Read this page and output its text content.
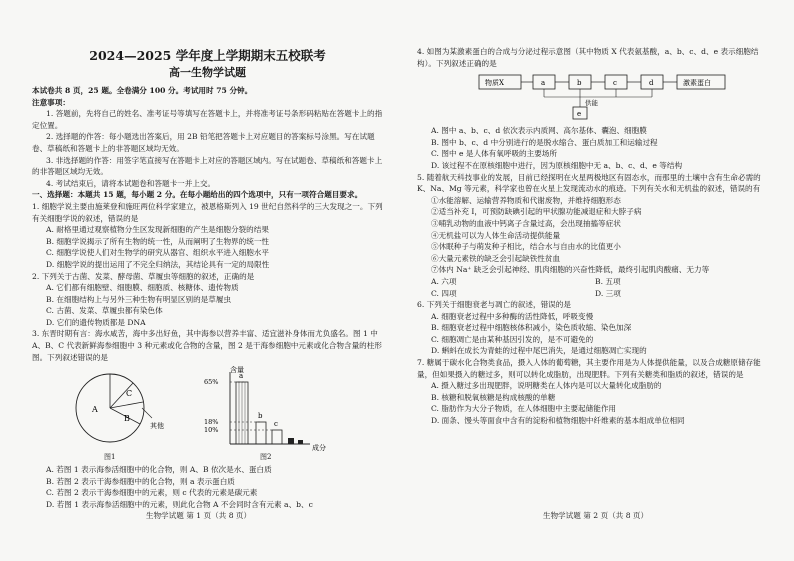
2024—2025 学年度上学期期末五校联考
高一生物学试题

本试卷共 8 页，25 题。全卷满分 100 分。考试用时 75 分钟。

注意事项：

1. 答题前，先将自己的姓名、准考证号等填写在答题卡上，并将准考证号条形码粘贴在答题卡上的指定位置。

2. 选择题的作答：每小题选出答案后，用 2B 铅笔把答题卡上对应题目的答案标号涂黑。写在试题卷、草稿纸和答题卡上的非答题区域均无效。

3. 非选择题的作答：用签字笔直接写在答题卡上对应的答题区域内。写在试题卷、草稿纸和答题卡上的非答题区域均无效。

4. 考试结束后，请将本试题卷和答题卡一并上交。

一、选择题：本题共 15 题，每小题 2 分。在每小题给出的四个选项中，只有一项符合题目要求。

1. 细胞学说主要由施莱登和施旺两位科学家建立，被恩格斯列入 19 世纪自然科学的三大发现之一。下列有关细胞学说的叙述，错误的是

A. 耐格里通过观察植物分生区发现新细胞的产生是细胞分裂的结果
B. 细胞学说揭示了所有生物的统一性，从而阐明了生物界的统一性
C. 细胞学说使人们对生物学的研究从器官、组织水平进入细胞水平
D. 细胞学说的提出运用了不完全归纳法，其结论具有一定的局限性

2. 下列关于古菌、发菜、酵母菌、草履虫等细胞的叙述，正确的是

A. 它们都有细胞壁、细胞膜、细胞质、核糖体、遗传物质
B. 在细胞结构上与另外三种生物有明显区别的是草履虫
C. 古菌、发菜、草履虫都有染色体
D. 它们的遗传物质都是 DNA

3. 东晋时期有言：海水咸苦，海中多出好鱼，其中海参以营养丰富、适宜滋补身体而尤负盛名。图 1 中 A、B、C 代表新鲜海参细胞中 3 种元素或化合物的含量，图 2 是干海参细胞中元素或化合物含量的柱形图。下列叙述错误的是

A
B
C
其他
图1
含量
成分
65%
18%
10%
a
b
c
图2
A. 若图 1 表示海参活细胞中的化合物，则 A、B 依次是水、蛋白质
B. 若图 2 表示干海参细胞中的化合物，则 a 表示蛋白质
C. 若图 2 表示干海参细胞中的元素，则 c 代表的元素是碳元素
D. 若图 1 表示海参活细胞中的元素，则此化合物 A 不会同时含有元素 a、b、c
生物学试题 第 1 页（共 8 页）

4. 如图为某激素蛋白的合成与分泌过程示意图（其中物质 X 代表氨基酸，a、b、c、d、e 表示细胞结构）。下列叙述正确的是

物质X	a	b	c	d	激素蛋白
供能
e
A. 图中 a、b、c、d 依次表示内质网、高尔基体、囊泡、细胞膜
B. 图中 b、c、d 中分别进行的是脱水缩合、蛋白质加工和运输过程
C. 图中 e 是人体有氧呼吸的主要场所
D. 该过程不在原核细胞中进行，因为原核细胞中无 a、b、c、d、e 等结构

5. 随着航天科技事业的发展，目前已经探明在火星两极地区有固态水，而那里的土壤中含有生命必需的 K、Na、Mg 等元素，科学家也曾在火星上发现流动水的痕迹。下列有关水和无机盐的叙述，错误的有

①水能溶解、运输营养物质和代谢废物，并维持细胞形态
②适当补充 I，可预防缺碘引起的甲状腺功能减退症和大脖子病
③哺乳动物的血液中钙离子含量过高，会出现抽搐等症状
④无机盐可以为人体生命活动提供能量
⑤休眠种子与萌发种子相比，结合水与自由水的比值更小
⑥大量元素铁的缺乏会引起缺铁性贫血
⑦体内 Na⁺ 缺乏会引起神经、肌肉细胞的兴奋性降低，最终引起肌肉酸痛、无力等
A. 六项	B. 五项
C. 四项	D. 三项

6. 下列关于细胞衰老与凋亡的叙述，错误的是

A. 细胞衰老过程中多种酶的活性降低，呼吸变慢
B. 细胞衰老过程中细胞核体积减小，染色质收缩、染色加深
C. 细胞凋亡是由某种基因引发的，是不可避免的
D. 蝌蚪在成长为青蛙的过程中尾巴消失，是通过细胞凋亡实现的

7. 糖属于碳水化合物类食品，摄入人体的葡萄糖，其主要作用是为人体提供能量，以及合成糖原储存能量，但如果摄入的糖过多，则可以转化成脂肪，出现肥胖。下列有关糖类和脂质的叙述，错误的是

A. 摄入糖过多出现肥胖，说明糖类在人体内是可以大量转化成脂肪的
B. 核糖和脱氧核糖是构成核酸的单糖
C. 脂肪作为大分子物质，在人体细胞中主要起储能作用
D. 面条、馒头等面食中含有的淀粉和植物细胞中纤维素的基本组成单位相同
生物学试题 第 2 页（共 8 页）
